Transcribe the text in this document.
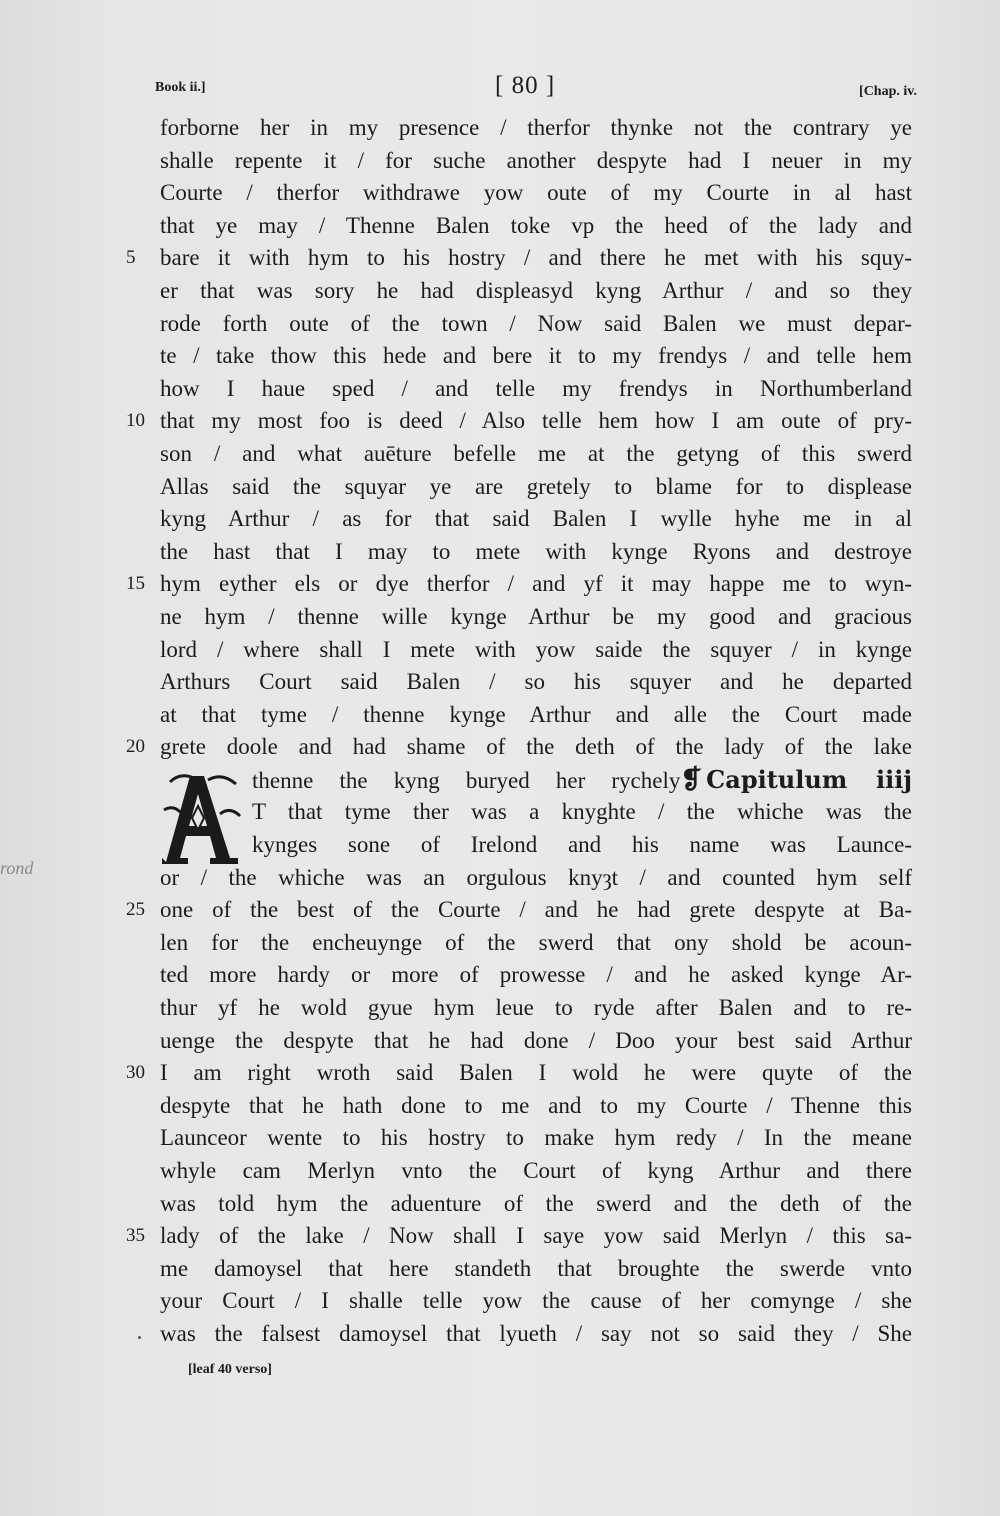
Book ii.]	[ 80 ]	[Chap. iv.
rond
forborne her in my presence / therfor thynke not the contrary ye
shalle repente it / for suche another despyte had I neuer in my
Courte / therfor withdrawe yow oute of my Courte in al hast
that ye may / Thenne Balen toke vp the heed of the lady and
5	bare it with hym to his hostry / and there he met with his squy-
er that was sory he had displeasyd kyng Arthur / and so they
rode forth oute of the town / Now said Balen we must depar-
te / take thow this hede and bere it to my frendys / and telle hem
how I haue sped / and telle my frendys in Northumberland
10 that my most foo is deed / Also telle hem how I am oute of pry-
son / and what auēture befelle me at the getyng of this swerd
Allas said the squyar ye are gretely to blame for to displease
kyng Arthur / as for that said Balen I wylle hyhe me in al
the hast that I may to mete with kynge Ryons and destroye
15 hym eyther els or dye therfor / and yf it may happe me to wyn-
ne hym / thenne wille kynge Arthur be my good and gracious
lord / where shall I mete with yow saide the squyer / in kynge
Arthurs Court said Balen / so his squyer and he departed
at that tyme / thenne kynge Arthur and alle the Court made
20 grete doole and had shame of the deth of the lady of the lake
thenne the kyng buryed her rychely❡ Capitulum iiij
T that tyme ther was a knyghte / the whiche was the
kynges sone of Irelond and his name was Launce-
or / the whiche was an orgulous knyȝt / and counted hym self
25 one of the best of the Courte / and he had grete despyte at Ba-
len for the encheuynge of the swerd that ony shold be acoun-
ted more hardy or more of prowesse / and he asked kynge Ar-
thur yf he wold gyue hym leue to ryde after Balen and to re-
uenge the despyte that he had done / Doo your best said Arthur
30 I am right wroth said Balen I wold he were quyte of the
despyte that he hath done to me and to my Courte / Thenne this
Launceor wente to his hostry to make hym redy / In the meane
whyle cam Merlyn vnto the Court of kyng Arthur and there
was told hym the aduenture of the swerd and the deth of the
35 lady of the lake / Now shall I saye yow said Merlyn / this sa-
me damoysel that here standeth that broughte the swerde vnto
your Court / I shalle telle yow the cause of her comynge / she
was the falsest damoysel that lyueth / say not so said they / She
[leaf 40 verso]
